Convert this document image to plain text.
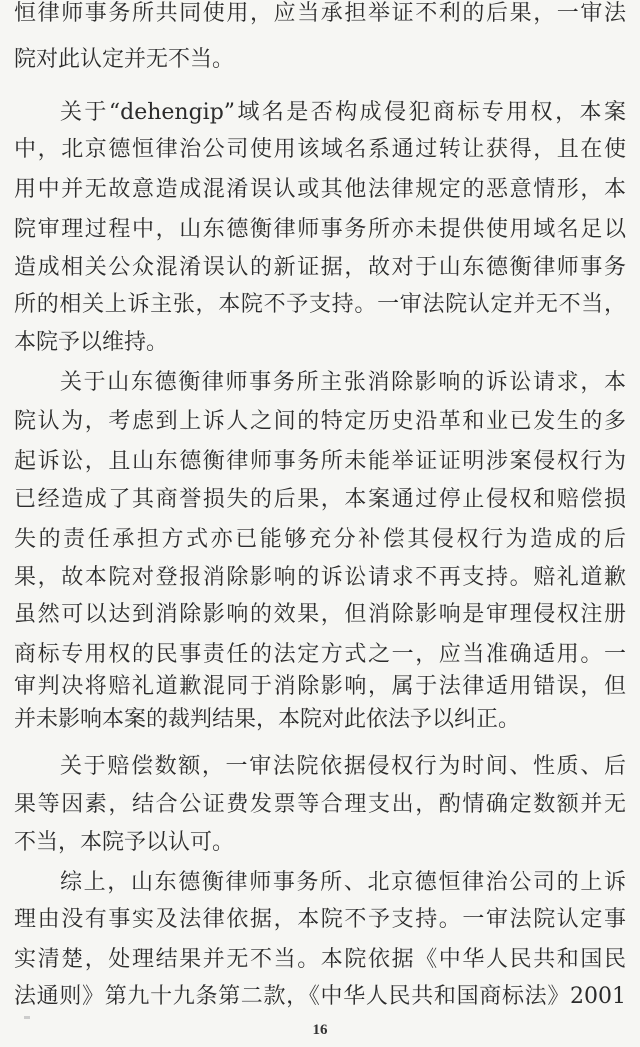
恒律师事务所共同使用，应当承担举证不利的后果，一审法
院对此认定并无不当。
关于“dehengip”域名是否构成侵犯商标专用权，本案
中，北京德恒律治公司使用该域名系通过转让获得，且在使
用中并无故意造成混淆误认或其他法律规定的恶意情形，本
院审理过程中，山东德衡律师事务所亦未提供使用域名足以
造成相关公众混淆误认的新证据，故对于山东德衡律师事务
所的相关上诉主张，本院不予支持。一审法院认定并无不当，
本院予以维持。
关于山东德衡律师事务所主张消除影响的诉讼请求，本
院认为，考虑到上诉人之间的特定历史沿革和业已发生的多
起诉讼，且山东德衡律师事务所未能举证证明涉案侵权行为
已经造成了其商誉损失的后果，本案通过停止侵权和赔偿损
失的责任承担方式亦已能够充分补偿其侵权行为造成的后
果，故本院对登报消除影响的诉讼请求不再支持。赔礼道歉
虽然可以达到消除影响的效果，但消除影响是审理侵权注册
商标专用权的民事责任的法定方式之一，应当准确适用。一
审判决将赔礼道歉混同于消除影响，属于法律适用错误，但
并未影响本案的裁判结果，本院对此依法予以纠正。
关于赔偿数额，一审法院依据侵权行为时间、性质、后
果等因素，结合公证费发票等合理支出，酌情确定数额并无
不当，本院予以认可。
综上，山东德衡律师事务所、北京德恒律治公司的上诉
理由没有事实及法律依据，本院不予支持。一审法院认定事
实清楚，处理结果并无不当。本院依据《中华人民共和国民
法通则》第九十九条第二款，《中华人民共和国商标法》2001
16
